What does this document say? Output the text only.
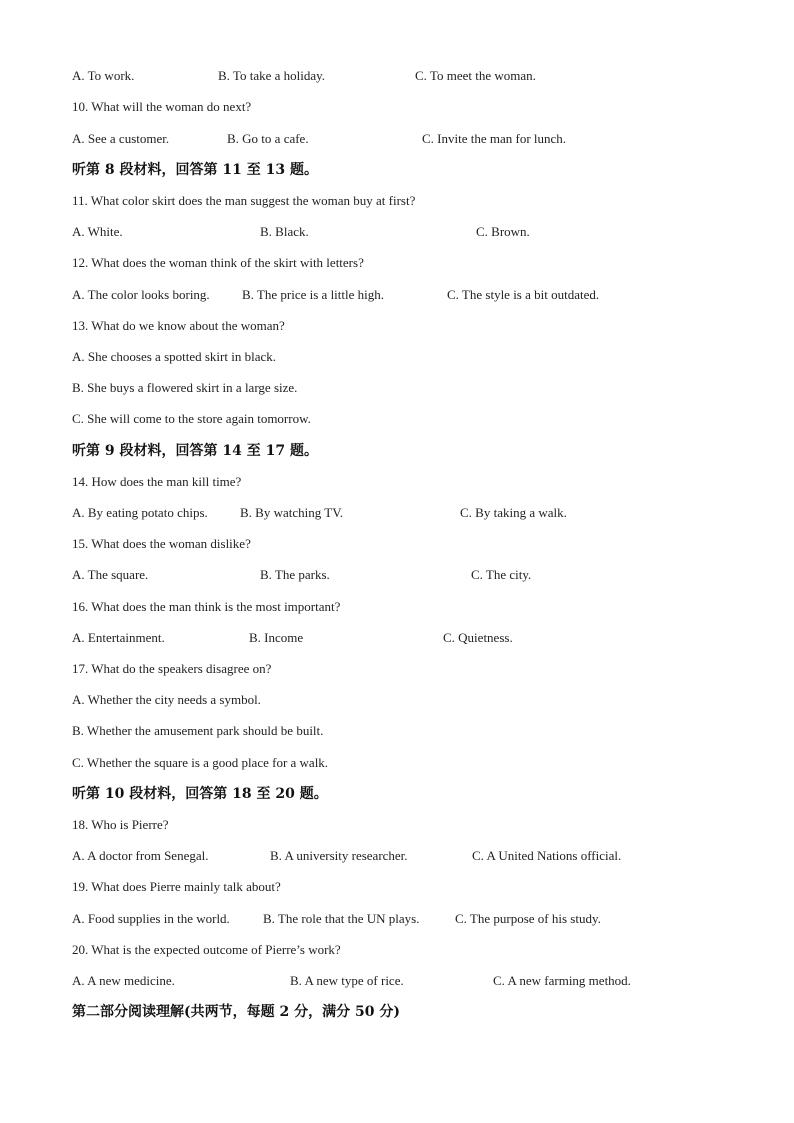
A. To work.	B. To take a holiday.	C. To meet the woman.
10. What will the woman do next?
A. See a customer.	B. Go to a cafe.	C. Invite the man for lunch.
听第 8 段材料，回答第 11 至 13 题。
11. What color skirt does the man suggest the woman buy at first?
A. White.	B. Black.	C. Brown.
12. What does the woman think of the skirt with letters?
A. The color looks boring. B. The price is a little high.	C. The style is a bit outdated.
13. What do we know about the woman?
A. She chooses a spotted skirt in black.
B. She buys a flowered skirt in a large size.
C. She will come to the store again tomorrow.
听第 9 段材料，回答第 14 至 17 题。
14. How does the man kill time?
A. By eating potato chips. B. By watching TV.	C. By taking a walk.
15. What does the woman dislike?
A. The square.	B. The parks.	C. The city.
16. What does the man think is the most important?
A. Entertainment.	B. Income	C. Quietness.
17. What do the speakers disagree on?
A. Whether the city needs a symbol.
B. Whether the amusement park should be built.
C. Whether the square is a good place for a walk.
听第 10 段材料，回答第 18 至 20 题。
18. Who is Pierre?
A. A doctor from Senegal.	B. A university researcher.	C. A United Nations official.
19. What does Pierre mainly talk about?
A. Food supplies in the world.	B. The role that the UN plays.	C. The purpose of his study.
20. What is the expected outcome of Pierre’s work?
A. A new medicine.	B. A new type of rice.	C. A new farming method.
第二部分阅读理解(共两节，每题 2 分，满分 50 分)
